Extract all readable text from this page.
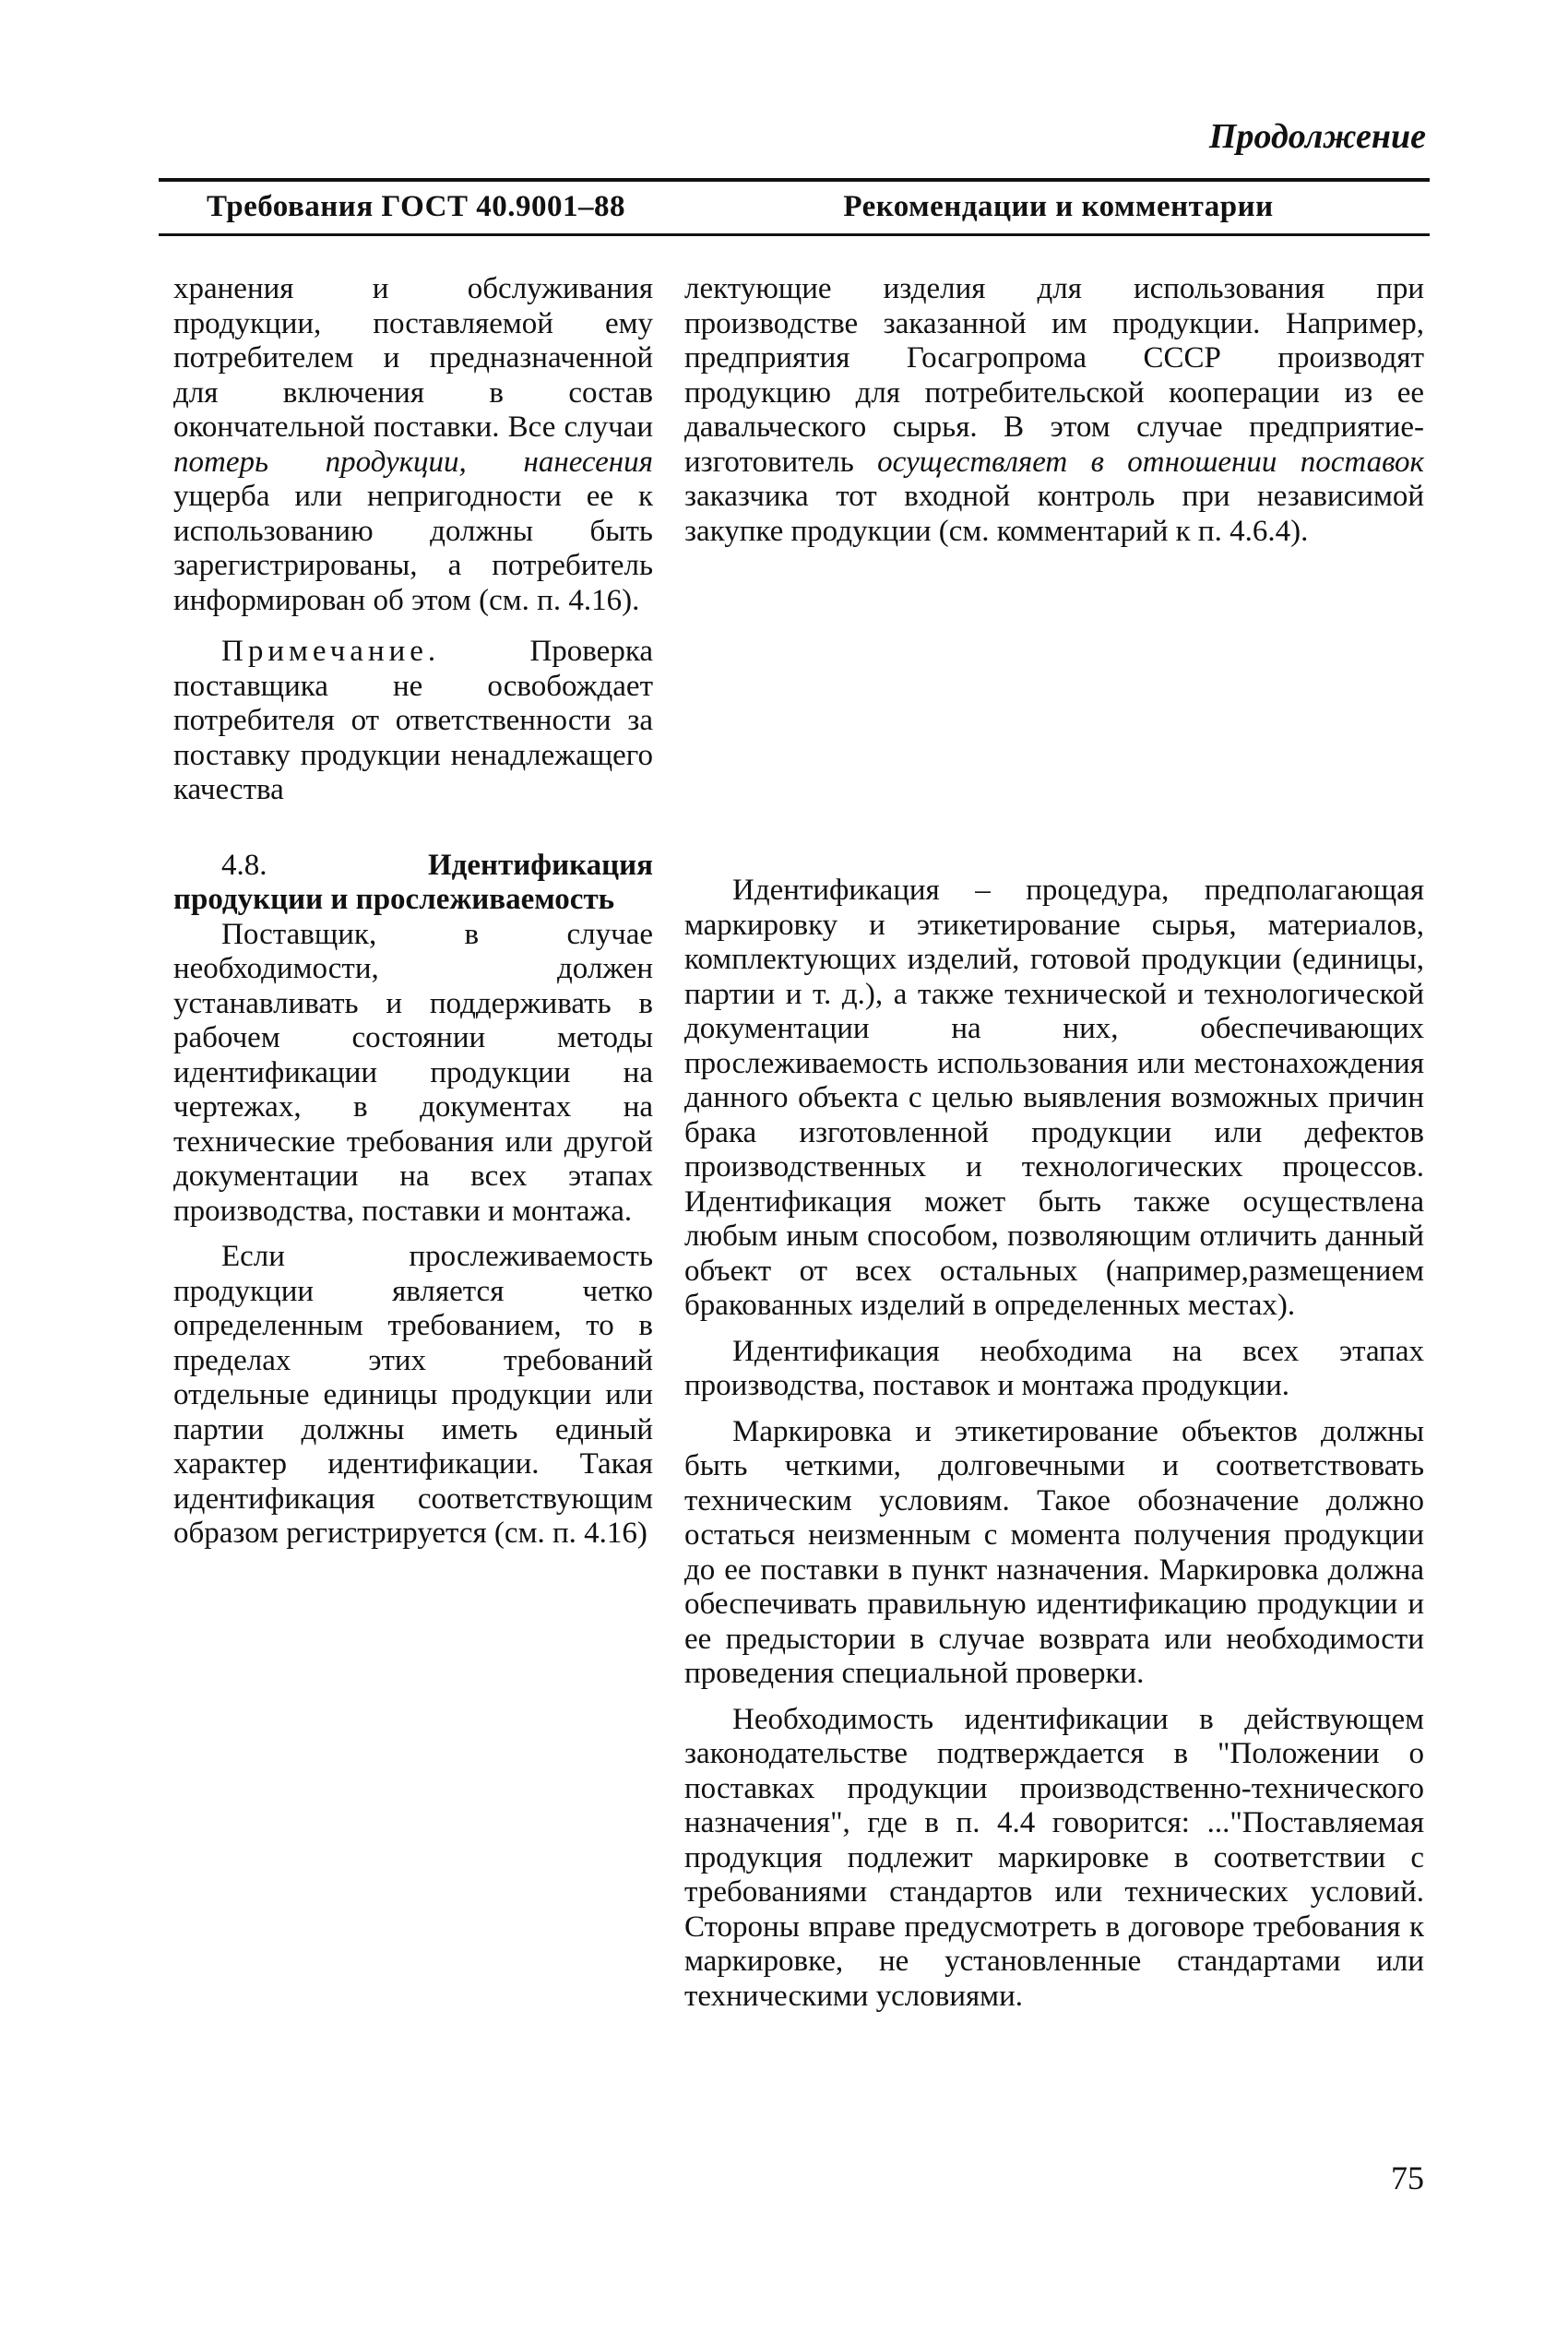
Продолжение
Требования ГОСТ 40.9001–88	Рекомендации и комментарии

хранения и обслуживания продукции, поставляемой ему потребителем и предназначенной для включения в состав окончательной поставки. Все случаи потерь продукции, нанесения ущерба или непригодности ее к использованию должны быть зарегистрированы, а потребитель информирован об этом (см. п. 4.16).

Примечание. Проверка поставщика не освобождает потребителя от ответственности за поставку продукции ненадлежащего качества

4.8. Идентификация продукции и прослеживаемость

Поставщик, в случае необходимости, должен устанавливать и поддерживать в рабочем состоянии методы идентификации продукции на чертежах, в документах на технические требования или другой документации на всех этапах производства, поставки и монтажа.

Если прослеживаемость продукции является четко определенным требованием, то в пределах этих требований отдельные единицы продукции или партии должны иметь единый характер идентификации. Такая идентификация соответствующим образом регистрируется (см. п. 4.16)

лектующие изделия для использования при производстве заказанной им продукции. Например, предприятия Госагропрома СССР производят продукцию для потребительской кооперации из ее давальческого сырья. В этом случае предприятие-изготовитель осуществляет в отношении поставок заказчика тот входной контроль при независимой закупке продукции (см. комментарий к п. 4.6.4).

Идентификация – процедура, предполагающая маркировку и этикетирование сырья, материалов, комплектующих изделий, готовой продукции (единицы, партии и т. д.), а также технической и технологической документации на них, обеспечивающих прослеживаемость использования или местонахождения данного объекта с целью выявления возможных причин брака изготовленной продукции или дефектов производственных и технологических процессов. Идентификация может быть также осуществлена любым иным способом, позволяющим отличить данный объект от всех остальных (например,размещением бракованных изделий в определенных местах).

Идентификация необходима на всех этапах производства, поставок и монтажа продукции.

Маркировка и этикетирование объектов должны быть четкими, долговечными и соответствовать техническим условиям. Такое обозначение должно остаться неизменным с момента получения продукции до ее поставки в пункт назначения. Маркировка должна обеспечивать правильную идентификацию продукции и ее предыстории в случае возврата или необходимости проведения специальной проверки.

Необходимость идентификации в действующем законодательстве подтверждается в "Положении о поставках продукции производственно-технического назначения", где в п. 4.4 говорится: ..."Поставляемая продукция подлежит маркировке в соответствии с требованиями стандартов или технических условий. Стороны вправе предусмотреть в договоре требования к маркировке, не установленные стандартами или техническими условиями.

75
